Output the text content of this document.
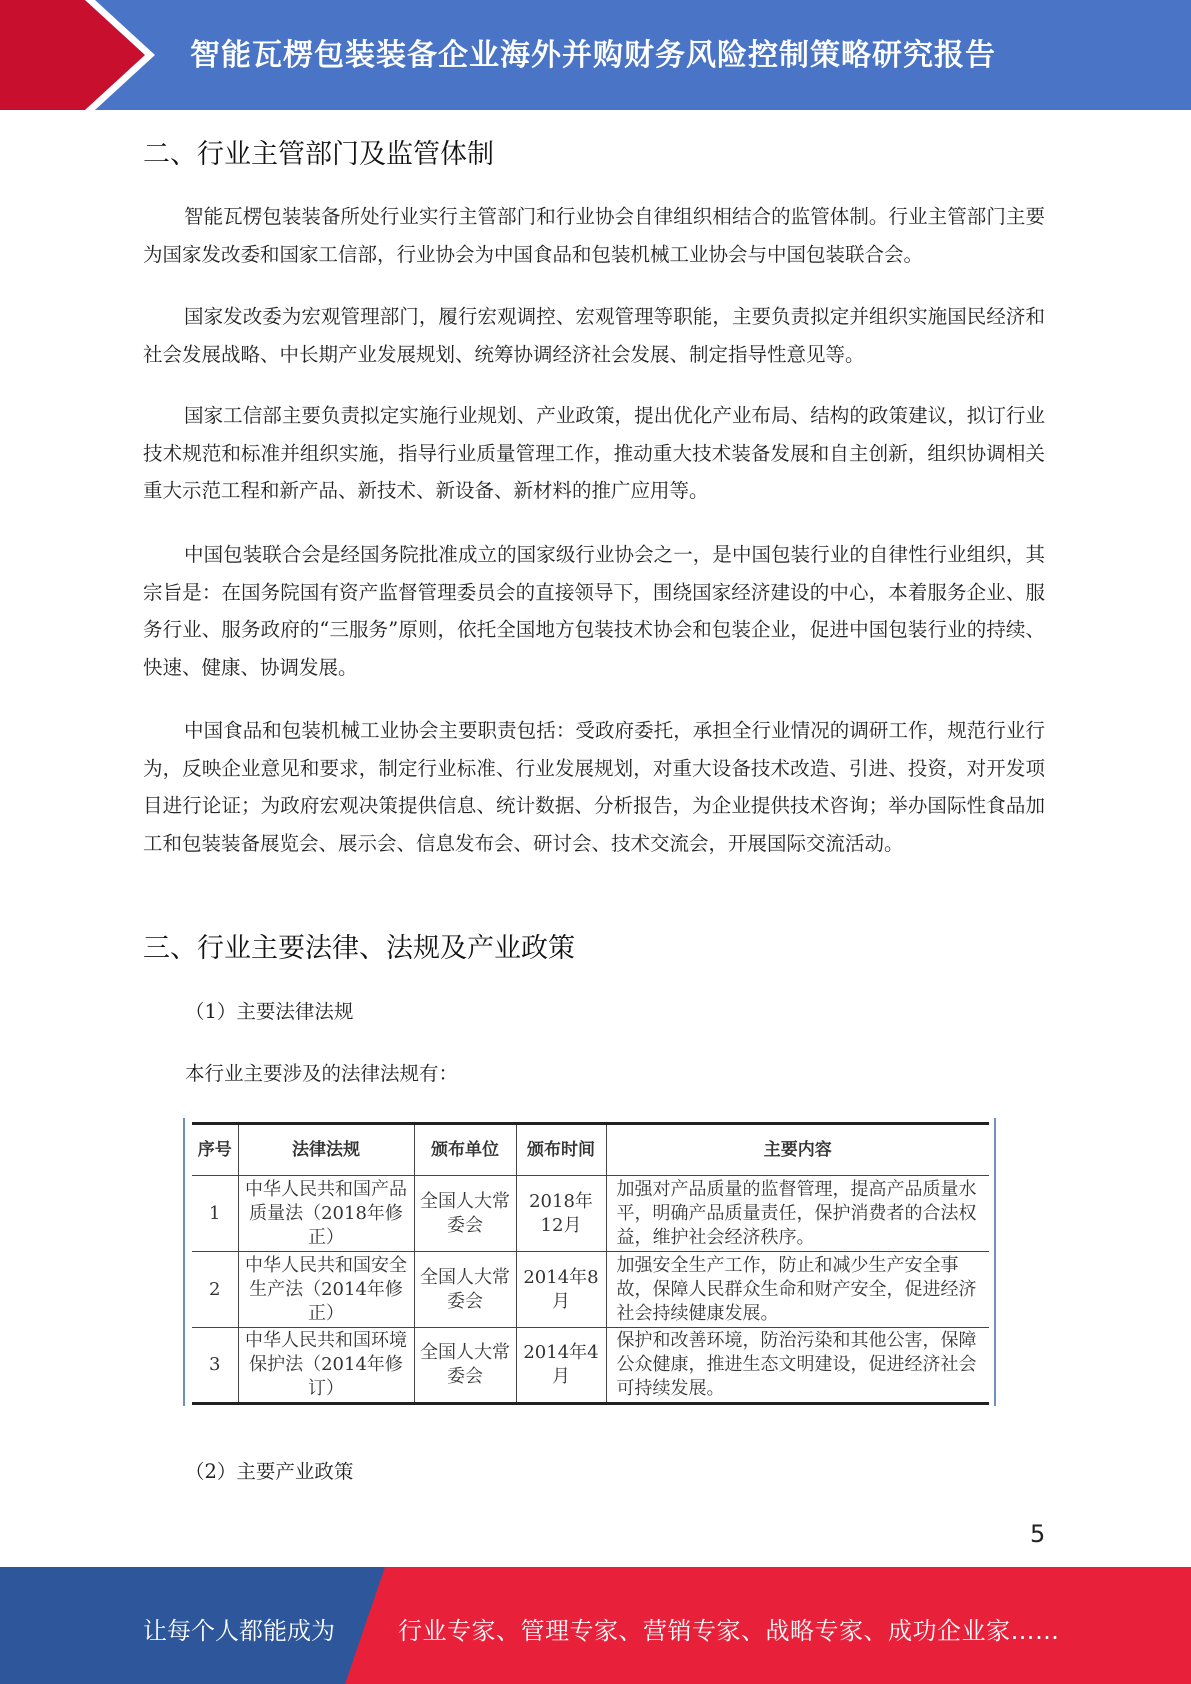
智能瓦楞包装装备企业海外并购财务风险控制策略研究报告
二、行业主管部门及监管体制

智能瓦楞包装装备所处行业实行主管部门和行业协会自律组织相结合的监管体制。行业主管部门主要为国家发改委和国家工信部，行业协会为中国食品和包装机械工业协会与中国包装联合会。

国家发改委为宏观管理部门，履行宏观调控、宏观管理等职能，主要负责拟定并组织实施国民经济和社会发展战略、中长期产业发展规划、统筹协调经济社会发展、制定指导性意见等。

国家工信部主要负责拟定实施行业规划、产业政策，提出优化产业布局、结构的政策建议，拟订行业技术规范和标准并组织实施，指导行业质量管理工作，推动重大技术装备发展和自主创新，组织协调相关重大示范工程和新产品、新技术、新设备、新材料的推广应用等。

中国包装联合会是经国务院批准成立的国家级行业协会之一，是中国包装行业的自律性行业组织，其宗旨是：在国务院国有资产监督管理委员会的直接领导下，围绕国家经济建设的中心，本着服务企业、服务行业、服务政府的“三服务”原则，依托全国地方包装技术协会和包装企业，促进中国包装行业的持续、快速、健康、协调发展。

中国食品和包装机械工业协会主要职责包括：受政府委托，承担全行业情况的调研工作，规范行业行为，反映企业意见和要求，制定行业标准、行业发展规划，对重大设备技术改造、引进、投资，对开发项目进行论证；为政府宏观决策提供信息、统计数据、分析报告，为企业提供技术咨询；举办国际性食品加工和包装装备展览会、展示会、信息发布会、研讨会、技术交流会，开展国际交流活动。

三、行业主要法律、法规及产业政策
（1）主要法律法规
本行业主要涉及的法律法规有：
序号	法律法规	颁布单位	颁布时间	主要内容
1	中华人民共和国产品质量法（2018年修正）	全国人大常委会	2018年12月	加强对产品质量的监督管理，提高产品质量水平，明确产品质量责任，保护消费者的合法权益，维护社会经济秩序。
2	中华人民共和国安全生产法（2014年修正）	全国人大常委会	2014年8月	加强安全生产工作，防止和减少生产安全事故，保障人民群众生命和财产安全，促进经济社会持续健康发展。
3	中华人民共和国环境保护法（2014年修订）	全国人大常委会	2014年4月	保护和改善环境，防治污染和其他公害，保障公众健康，推进生态文明建设，促进经济社会可持续发展。
（2）主要产业政策
5
让每个人都能成为	行业专家、管理专家、营销专家、战略专家、成功企业家……
